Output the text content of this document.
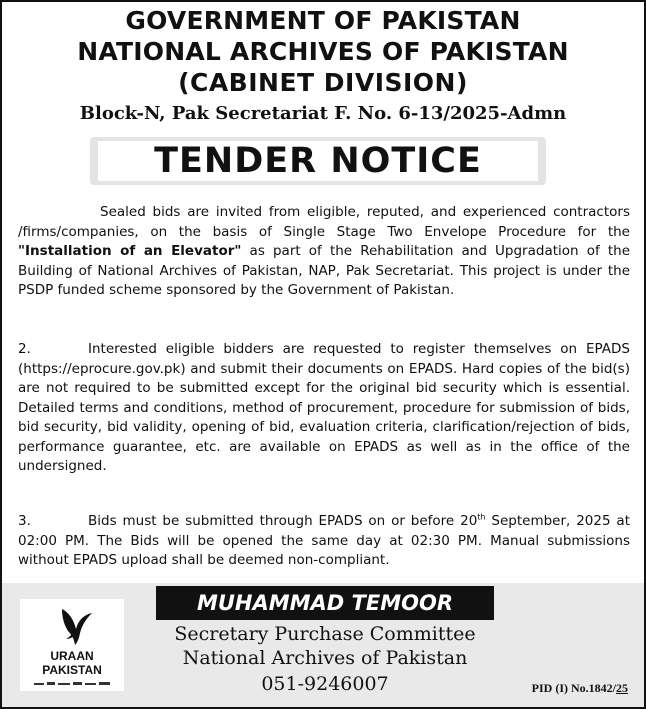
GOVERNMENT OF PAKISTAN
NATIONAL ARCHIVES OF PAKISTAN
(CABINET DIVISION)
Block-N, Pak Secretariat F. No. 6-13/2025-Admn
TENDER NOTICE
Sealed bids are invited from eligible, reputed, and experienced contractors /firms/companies, on the basis of Single Stage Two Envelope Procedure for the "Installation of an Elevator" as part of the Rehabilitation and Upgradation of the Building of National Archives of Pakistan, NAP, Pak Secretariat. This project is under the PSDP funded scheme sponsored by the Government of Pakistan.
2.	Interested eligible bidders are requested to register themselves on EPADS (https://eprocure.gov.pk) and submit their documents on EPADS. Hard copies of the bid(s) are not required to be submitted except for the original bid security which is essential. Detailed terms and conditions, method of procurement, procedure for submission of bids, bid security, bid validity, opening of bid, evaluation criteria, clarification/rejection of bids, performance guarantee, etc. are available on EPADS as well as in the office of the undersigned.
3.	Bids must be submitted through EPADS on or before 20th September, 2025 at 02:00 PM. The Bids will be opened the same day at 02:30 PM. Manual submissions without EPADS upload shall be deemed non-compliant.
URAAN
PAKISTAN
MUHAMMAD TEMOOR
Secretary Purchase Committee
National Archives of Pakistan
051-9246007	PID (I) No.1842/25
